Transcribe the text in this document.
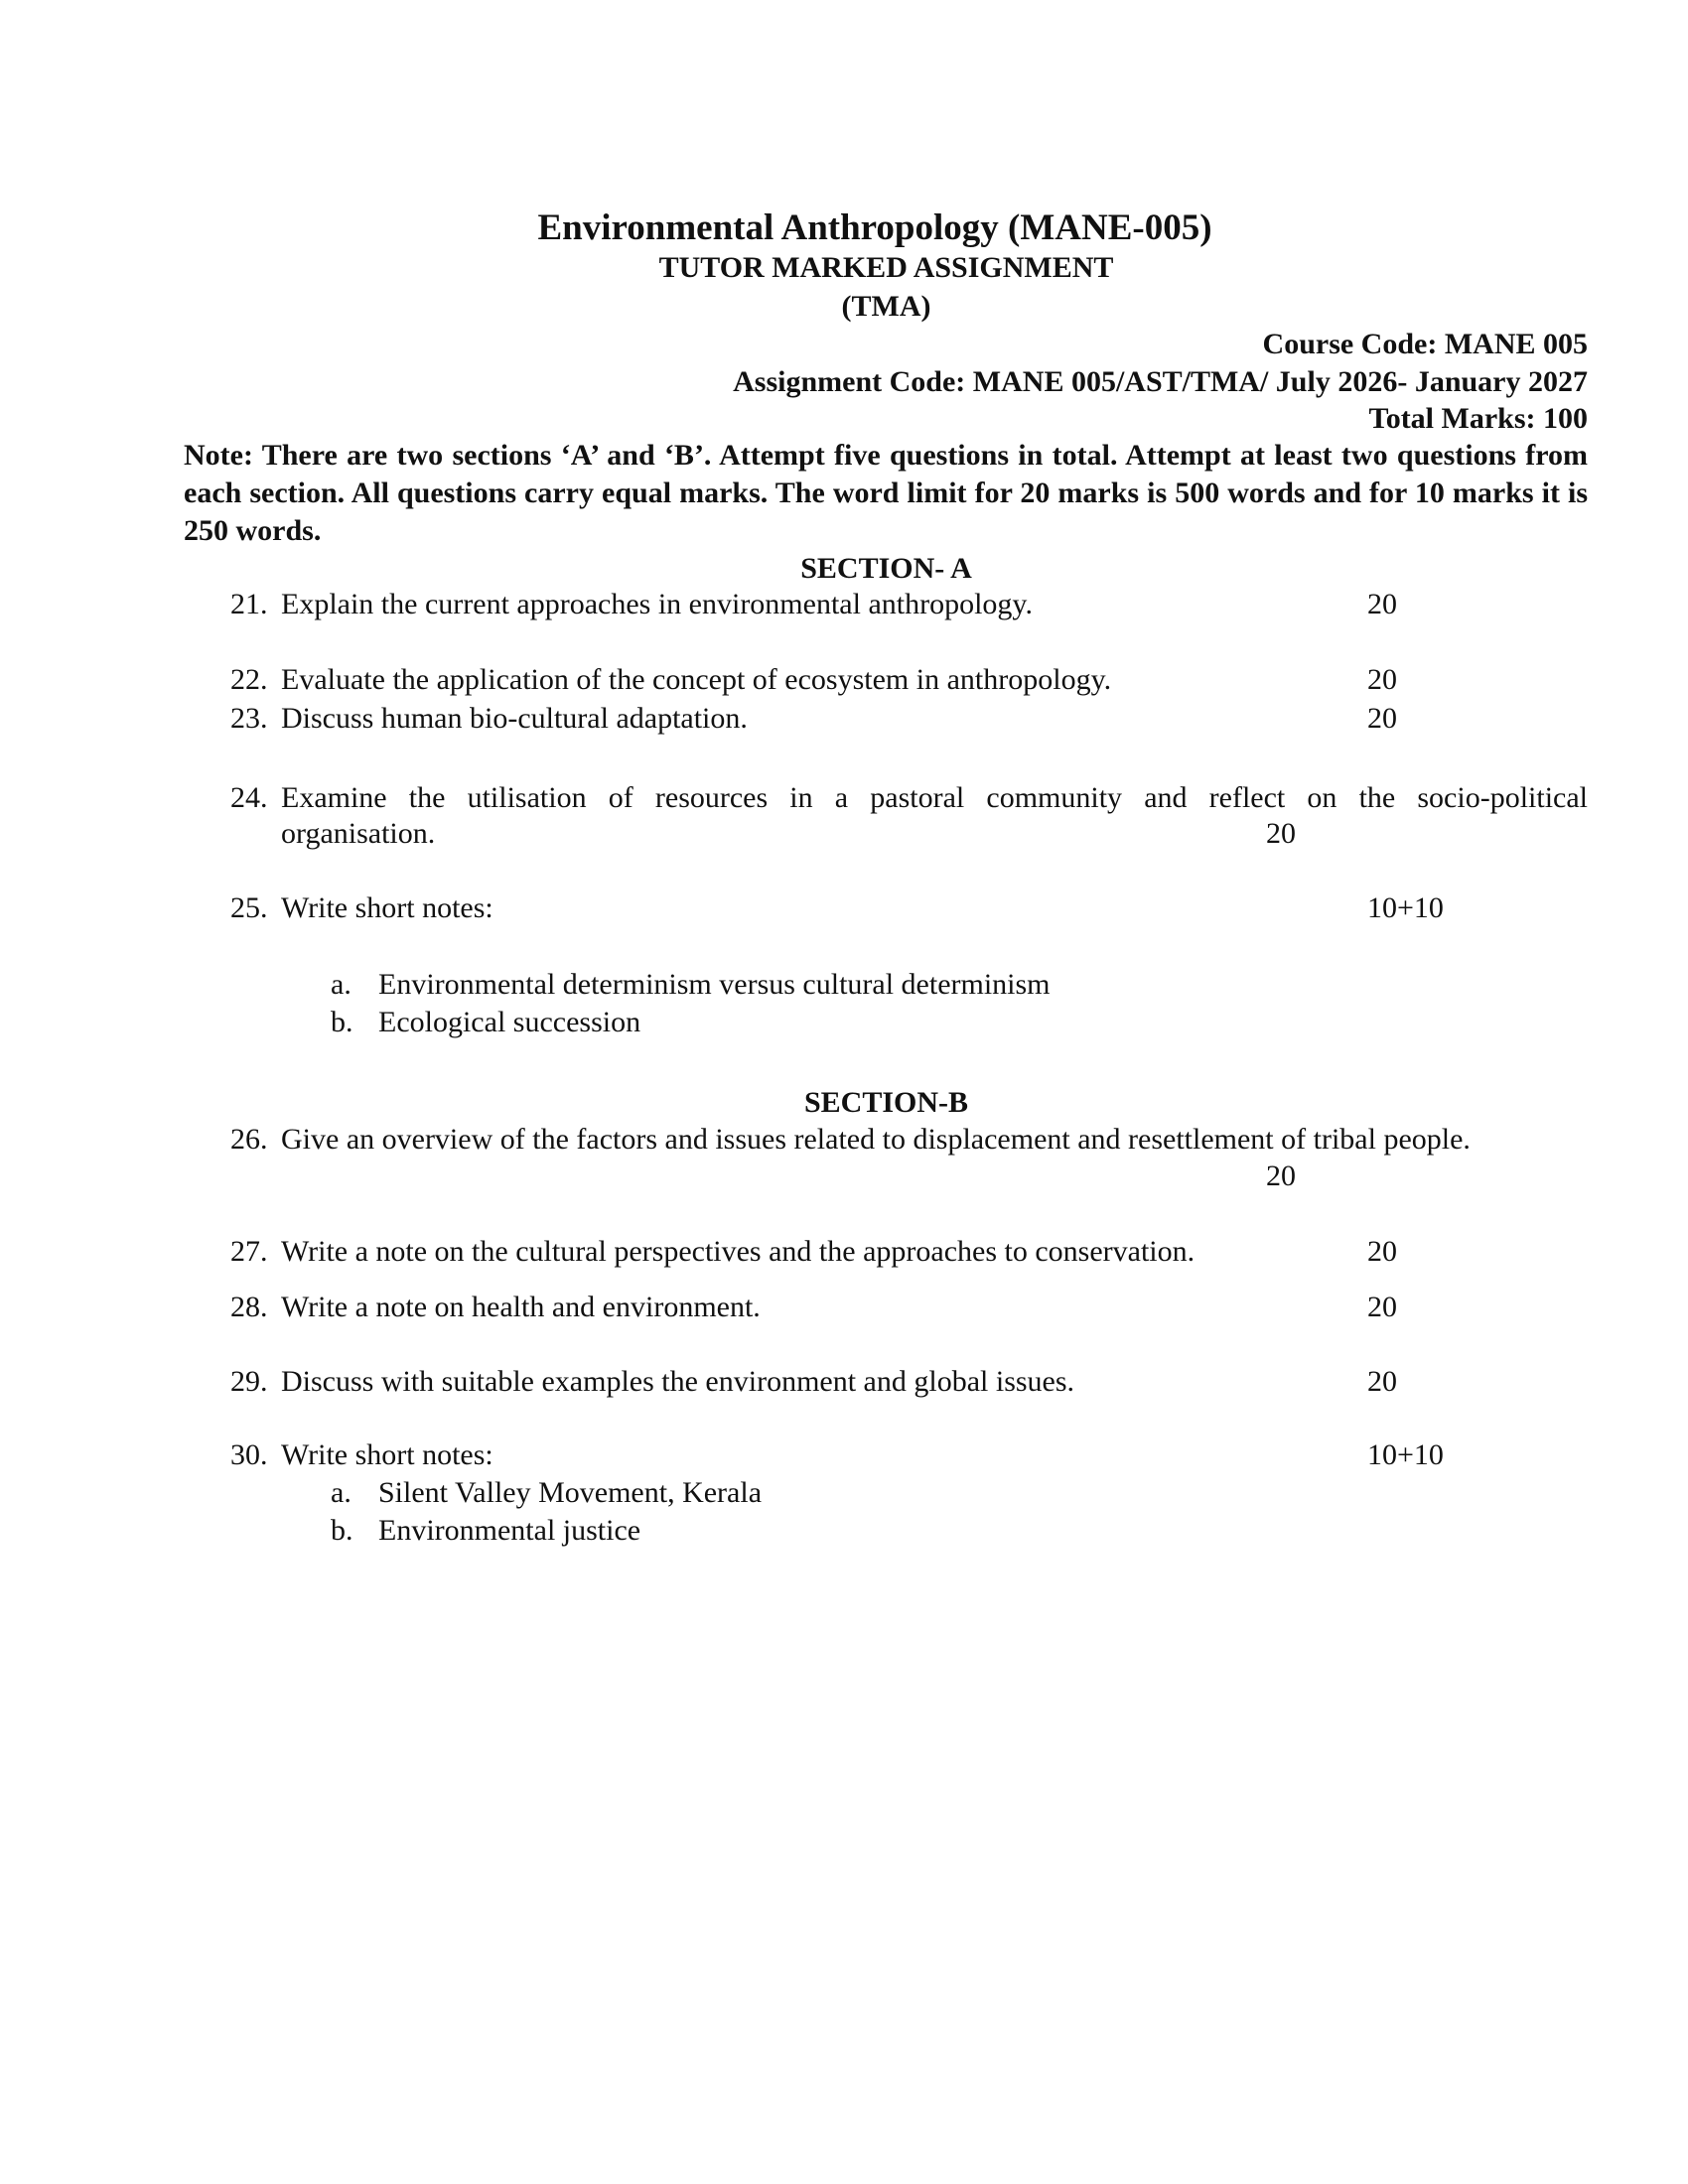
Environmental Anthropology (MANE-005)
TUTOR MARKED ASSIGNMENT
(TMA)
Course Code: MANE 005
Assignment Code: MANE 005/AST/TMA/ July 2026- January 2027
Total Marks: 100
Note: There are two sections ‘A’ and ‘B’. Attempt five questions in total. Attempt at least two questions from each section. All questions carry equal marks. The word limit for 20 marks is 500 words and for 10 marks it is 250 words.
SECTION- A
21. Explain the current approaches in environmental anthropology.	20
22. Evaluate the application of the concept of ecosystem in anthropology.	20
23. Discuss human bio-cultural adaptation.	20
24. Examine the utilisation of resources in a pastoral community and reflect on the socio-political
organisation.	20
25. Write short notes:	10+10
a. Environmental determinism versus cultural determinism
b. Ecological succession
SECTION-B
26. Give an overview of the factors and issues related to displacement and resettlement of tribal people.
20
27. Write a note on the cultural perspectives and the approaches to conservation.	20
28. Write a note on health and environment.	20
29. Discuss with suitable examples the environment and global issues.	20
30. Write short notes:	10+10
a. Silent Valley Movement, Kerala
b. Environmental justice
